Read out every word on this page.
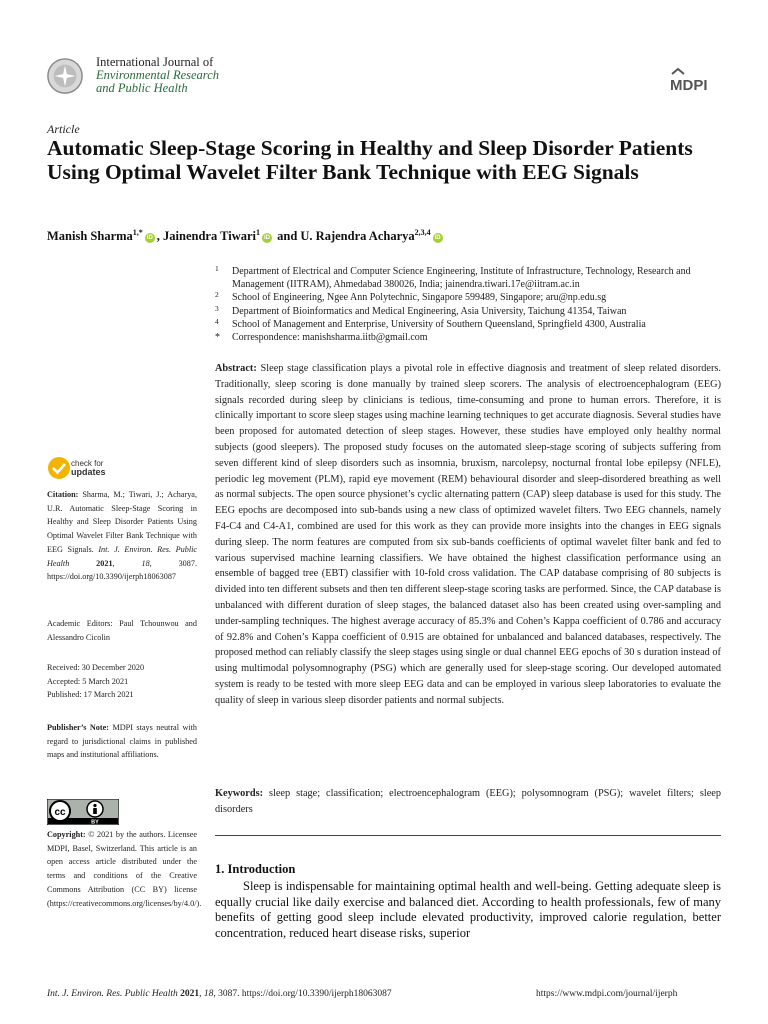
International Journal of
Environmental Research
and Public Health	MDPI
Article
Automatic Sleep-Stage Scoring in Healthy and Sleep Disorder Patients Using Optimal Wavelet Filter Bank Technique with EEG Signals
Manish Sharma$^{1,*}$iD , Jainendra Tiwari$^1$iD and U. Rajendra Acharya$^{2,3,4}$iD
1 Department of Electrical and Computer Science Engineering, Institute of Infrastructure, Technology, Research and Management (IITRAM), Ahmedabad 380026, India; jainendra.tiwari.17e@iitram.ac.in
2 School of Engineering, Ngee Ann Polytechnic, Singapore 599489, Singapore; aru@np.edu.sg
3 Department of Bioinformatics and Medical Engineering, Asia University, Taichung 41354, Taiwan
4 School of Management and Enterprise, University of Southern Queensland, Springfield 4300, Australia
* Correspondence: manishsharma.iitb@gmail.com
check for
updates
Citation: Sharma, M.; Tiwari, J.; Acharya, U.R. Automatic Sleep-Stage Scoring in Healthy and Sleep Disorder Patients Using Optimal Wavelet Filter Bank Technique with EEG Signals. Int. J. Environ. Res. Public Health	2021, 18, 3087. https://doi.org/10.3390/ijerph18063087
Academic Editors: Paul Tchounwou and Alessandro Cicolin
Received: 30 December 2020
Accepted: 5 March 2021
Published: 17 March 2021
Publisher’s Note: MDPI stays neutral with regard to jurisdictional claims in published maps and institutional affiliations.
Copyright: © 2021 by the authors. Licensee MDPI, Basel, Switzerland. This article is an open access article distributed under the terms and conditions of the Creative Commons Attribution (CC BY) license (https://creativecommons.org/licenses/by/4.0/).
cc
BY
Abstract: Sleep stage classification plays a pivotal role in effective diagnosis and treatment of sleep related disorders. Traditionally, sleep scoring is done manually by trained sleep scorers. The analysis of electroencephalogram (EEG) signals recorded during sleep by clinicians is tedious, time-consuming and prone to human errors. Therefore, it is clinically important to score sleep stages using machine learning techniques to get accurate diagnosis. Several studies have been proposed for automated detection of sleep stages. However, these studies have employed only healthy normal subjects (good sleepers). The proposed study focuses on the automated sleep-stage scoring of subjects suffering from seven different kind of sleep disorders such as insomnia, bruxism, narcolepsy, nocturnal frontal lobe epilepsy (NFLE), periodic leg movement (PLM), rapid eye movement (REM) behavioural disorder and sleep-disordered breathing as well as normal subjects. The open source physionet’s cyclic alternating pattern (CAP) sleep database is used for this study. The EEG epochs are decomposed into sub-bands using a new class of optimized wavelet filters. Two EEG channels, namely F4-C4 and C4-A1, combined are used for this work as they can provide more insights into the changes in EEG signals during sleep. The norm features are computed from six sub-bands coefficients of optimal wavelet filter bank and fed to various supervised machine learning classifiers. We have obtained the highest classification performance using an ensemble of bagged tree (EBT) classifier with 10-fold cross validation. The CAP database comprising of 80 subjects is divided into ten different subsets and then ten different sleep-stage scoring tasks are performed. Since, the CAP database is unbalanced with different duration of sleep stages, the balanced dataset also has been created using over-sampling and under-sampling techniques. The highest average accuracy of 85.3% and Cohen’s Kappa coefficient of 0.786 and accuracy of 92.8% and Cohen’s Kappa coefficient of 0.915 are obtained for unbalanced and balanced databases, respectively. The proposed method can reliably classify the sleep stages using single or dual channel EEG epochs of 30 s duration instead of using multimodal polysomnography (PSG) which are generally used for sleep-stage scoring. Our developed automated system is ready to be tested with more sleep EEG data and can be employed in various sleep laboratories to evaluate the quality of sleep in various sleep disorder patients and normal subjects.
Keywords: sleep stage; classification; electroencephalogram (EEG); polysomnogram (PSG); wavelet filters; sleep disorders
1. Introduction
Sleep is indispensable for maintaining optimal health and well-being. Getting adequate sleep is equally crucial like daily exercise and balanced diet. According to health professionals, few of many benefits of getting good sleep include elevated productivity, improved calorie regulation, better concentration, reduced heart disease risks, superior
Int. J. Environ. Res. Public Health 2021, 18, 3087. https://doi.org/10.3390/ijerph18063087	https://www.mdpi.com/journal/ijerph
